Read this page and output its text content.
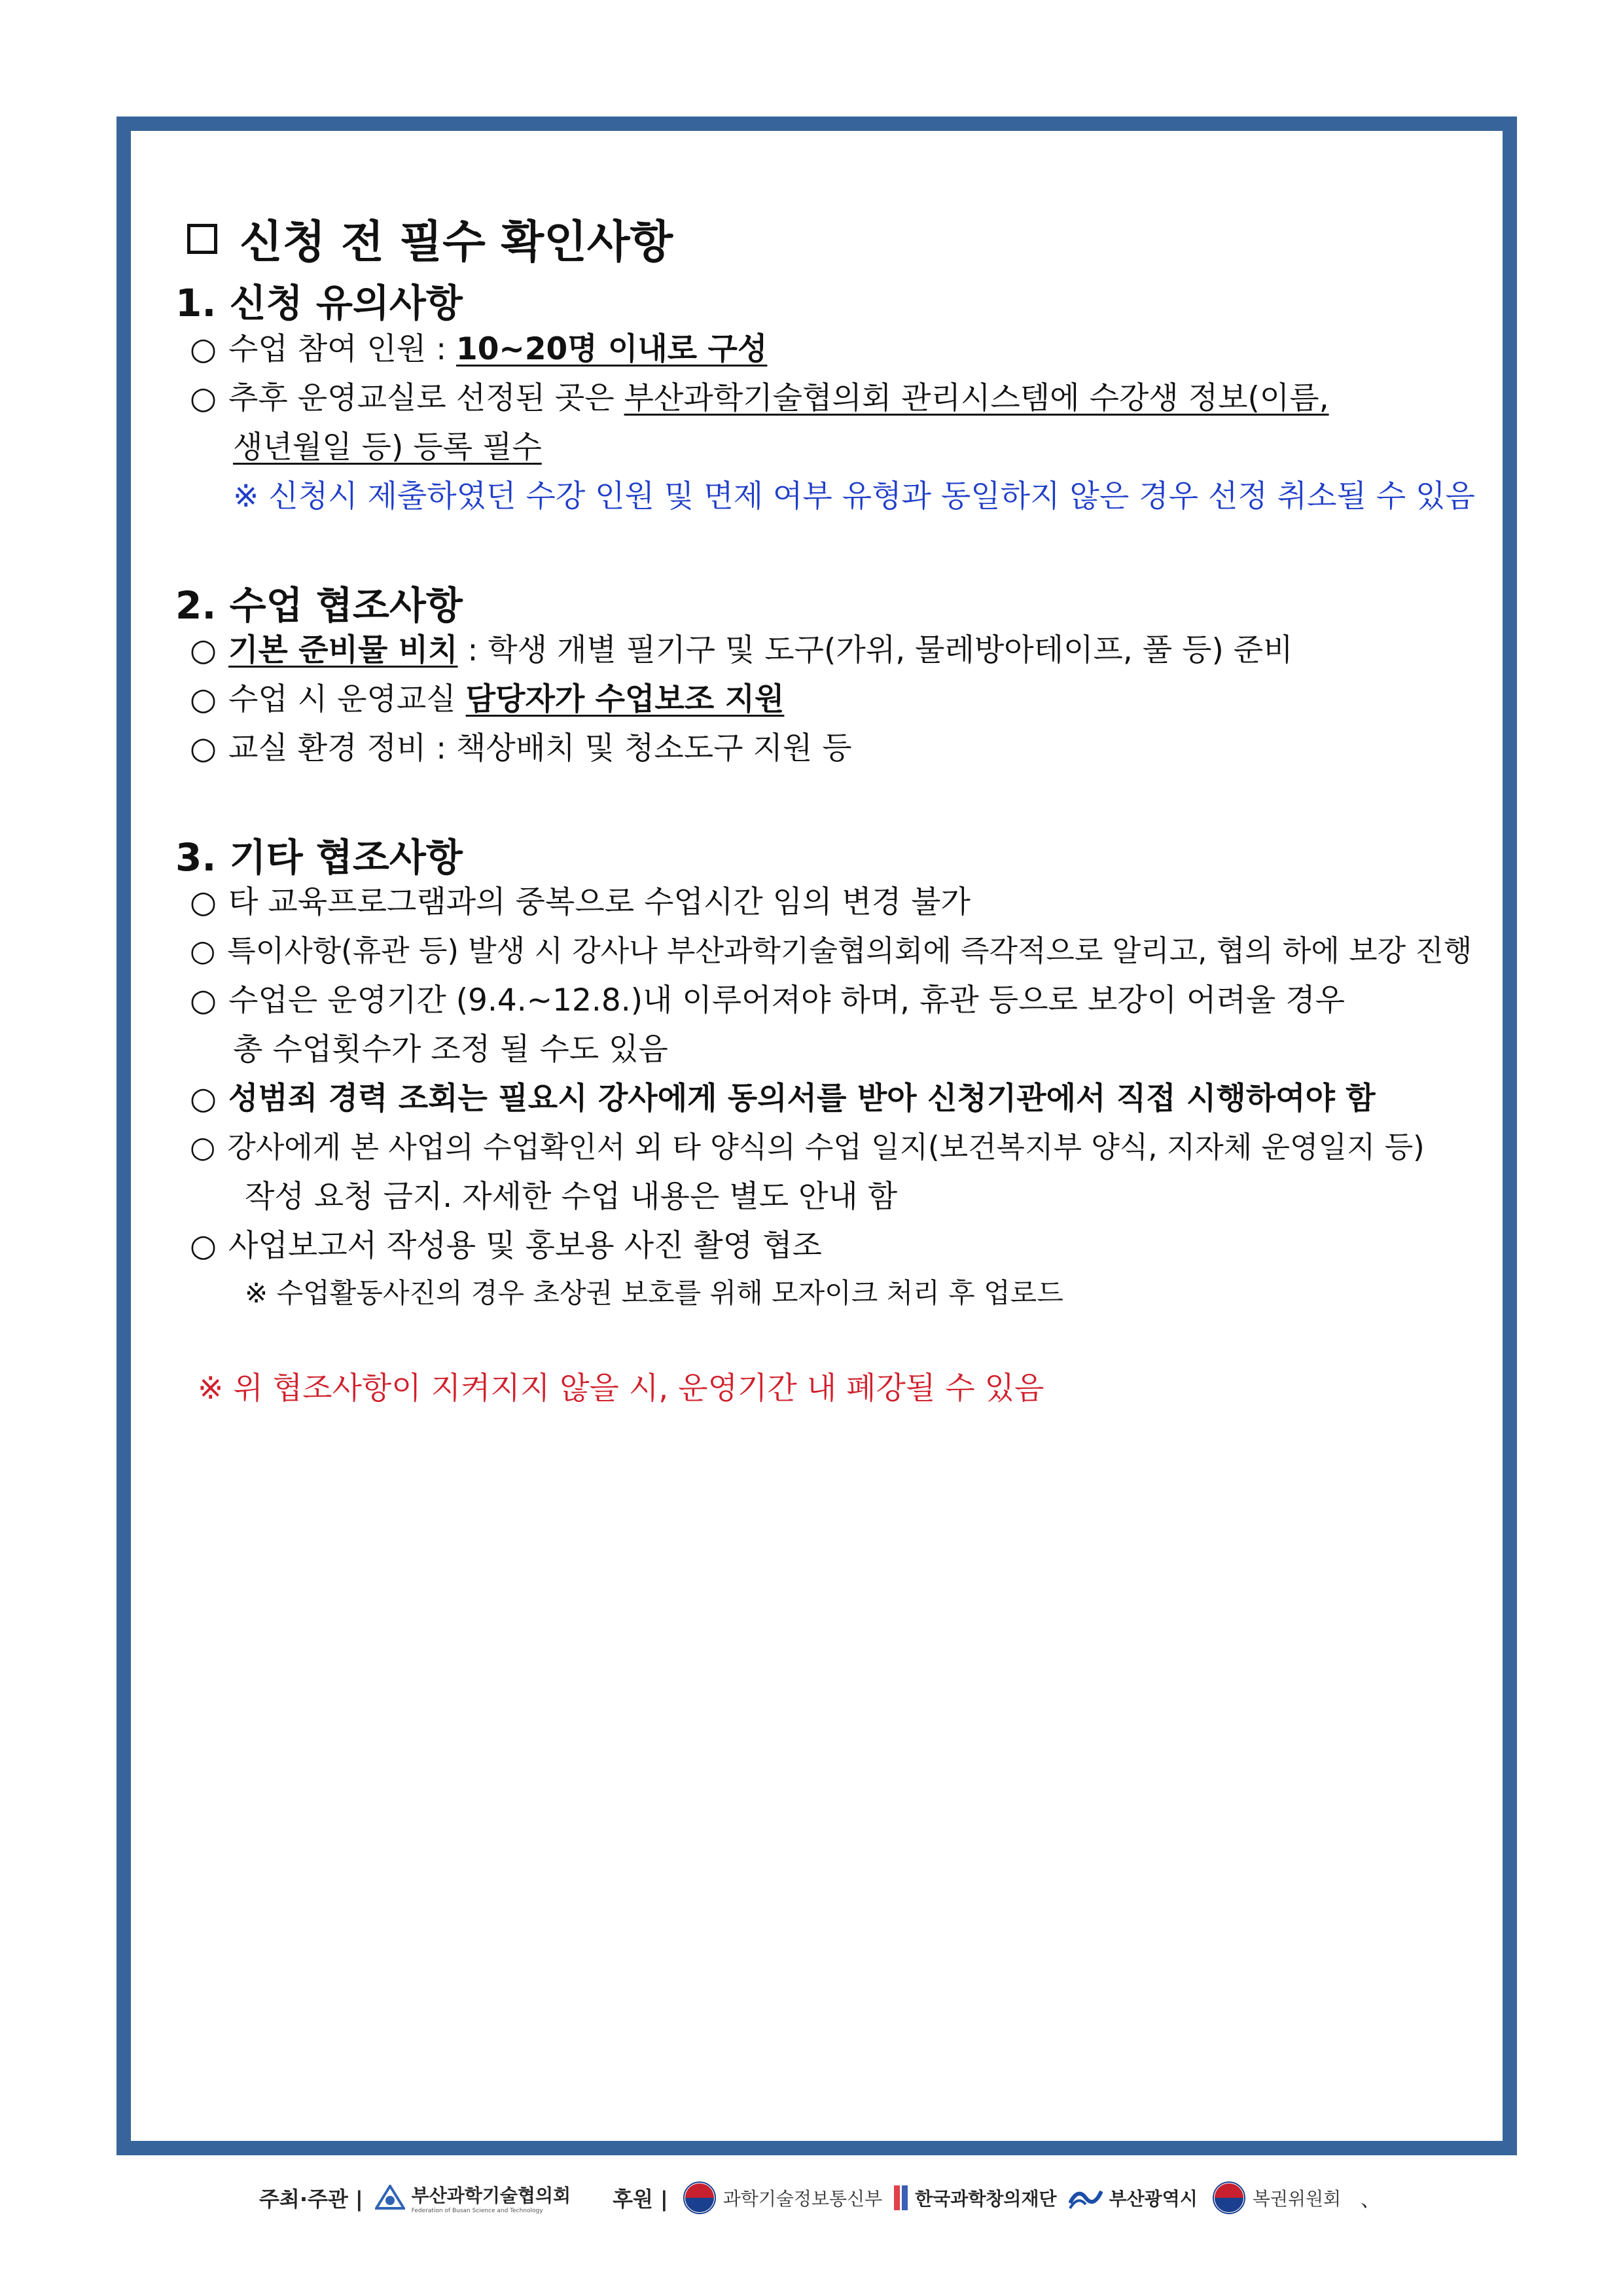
신청 전 필수 확인사항
1. 신청 유의사항
○ 수업 참여 인원 : 10~20명 이내로 구성
○ 추후 운영교실로 선정된 곳은 부산과학기술협의회 관리시스템에 수강생 정보(이름,
생년월일 등) 등록 필수
※ 신청시 제출하였던 수강 인원 및 면제 여부 유형과 동일하지 않은 경우 선정 취소될 수 있음
2. 수업 협조사항
○ 기본 준비물 비치 : 학생 개별 필기구 및 도구(가위, 물레방아테이프, 풀 등) 준비
○ 수업 시 운영교실 담당자가 수업보조 지원
○ 교실 환경 정비 : 책상배치 및 청소도구 지원 등
3. 기타 협조사항
○ 타 교육프로그램과의 중복으로 수업시간 임의 변경 불가
○ 특이사항(휴관 등) 발생 시 강사나 부산과학기술협의회에 즉각적으로 알리고, 협의 하에 보강 진행
○ 수업은 운영기간 (9.4.~12.8.)내 이루어져야 하며, 휴관 등으로 보강이 어려울 경우
총 수업횟수가 조정 될 수도 있음
○ 성범죄 경력 조회는 필요시 강사에게 동의서를 받아 신청기관에서 직접 시행하여야 함
○ 강사에게 본 사업의 수업확인서 외 타 양식의 수업 일지(보건복지부 양식, 지자체 운영일지 등)
작성 요청 금지. 자세한 수업 내용은 별도 안내 함
○ 사업보고서 작성용 및 홍보용 사진 촬영 협조
※ 수업활동사진의 경우 초상권 보호를 위해 모자이크 처리 후 업로드
※ 위 협조사항이 지켜지지 않을 시, 운영기간 내 폐강될 수 있음
주최·주관 |	부산과학기술협의회
Federation of Busan Science and Technology	후원 |	과학기술정보통신부 한국과학창의재단	부산광역시	복권위원회 、
